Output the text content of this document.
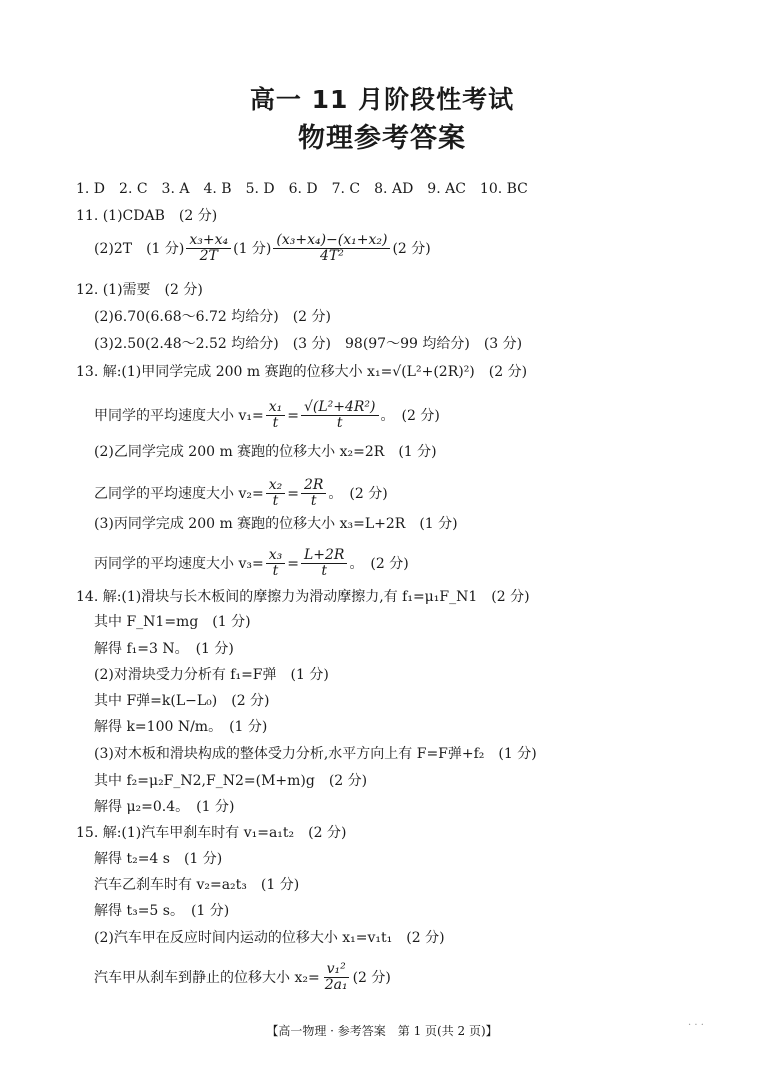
高一 11 月阶段性考试
物理参考答案
1. D　2. C　3. A　4. B　5. D　6. D　7. C　8. AD　9. AC　10. BC
11. (1)CDAB　(2 分)
(2)2T　(1 分) $\frac{\text{x₃+x₄}}{2T} (1$ 分) $\frac{\text{(x₃+x₄)−(x₁+x₂)}}{\text{4T²}} (2$ 分)
12. (1)需要　(2 分)
(2)6.70(6.68～6.72 均给分)　(2 分)
(3)2.50(2.48～2.52 均给分)　(3 分)　98(97～99 均给分)　(3 分)
13. 解:(1)甲同学完成 200 m 赛跑的位移大小 x₁=√(L²+(2R)²)　(2 分)
甲同学的平均速度大小 $v_1= \frac{\text{x₁}}{t} = \frac{\text{√(L²+4R²)}}{t}$ 。　(2 分)
(2)乙同学完成 200 m 赛跑的位移大小 x₂=2R　(1 分)
乙同学的平均速度大小 $v_2= \frac{\text{x₂}}{t} = \frac{2R}{t}$ 。　(2 分)
(3)丙同学完成 200 m 赛跑的位移大小 x₃=L+2R　(1 分)
丙同学的平均速度大小 $v_3= \frac{\text{x₃}}{t} = \frac{L+2R}{t}$ 。　(2 分)
14. 解:(1)滑块与长木板间的摩擦力为滑动摩擦力,有 f₁=μ₁F_N1　(2 分)
其中 F_N1=mg　(1 分)
解得 f₁=3 N。　(1 分)
(2)对滑块受力分析有 f₁=F弹　(1 分)
其中 F弹=k(L−L₀)　(2 分)
解得 k=100 N/m。　(1 分)
(3)对木板和滑块构成的整体受力分析,水平方向上有 F=F弹+f₂　(1 分)
其中 f₂=μ₂F_N2,F_N2=(M+m)g　(2 分)
解得 μ₂=0.4。　(1 分)
15. 解:(1)汽车甲刹车时有 v₁=a₁t₂　(2 分)
解得 t₂=4 s　(1 分)
汽车乙刹车时有 v₂=a₂t₃　(1 分)
解得 t₃=5 s。　(1 分)
(2)汽车甲在反应时间内运动的位移大小 x₁=v₁t₁　(2 分)
汽车甲从刹车到静止的位移大小 $x_2= \frac{\text{v₁²}}{\text{2a₁}} (2$ 分)
【高一物理 · 参考答案　第 1 页(共 2 页)】	· · ·
